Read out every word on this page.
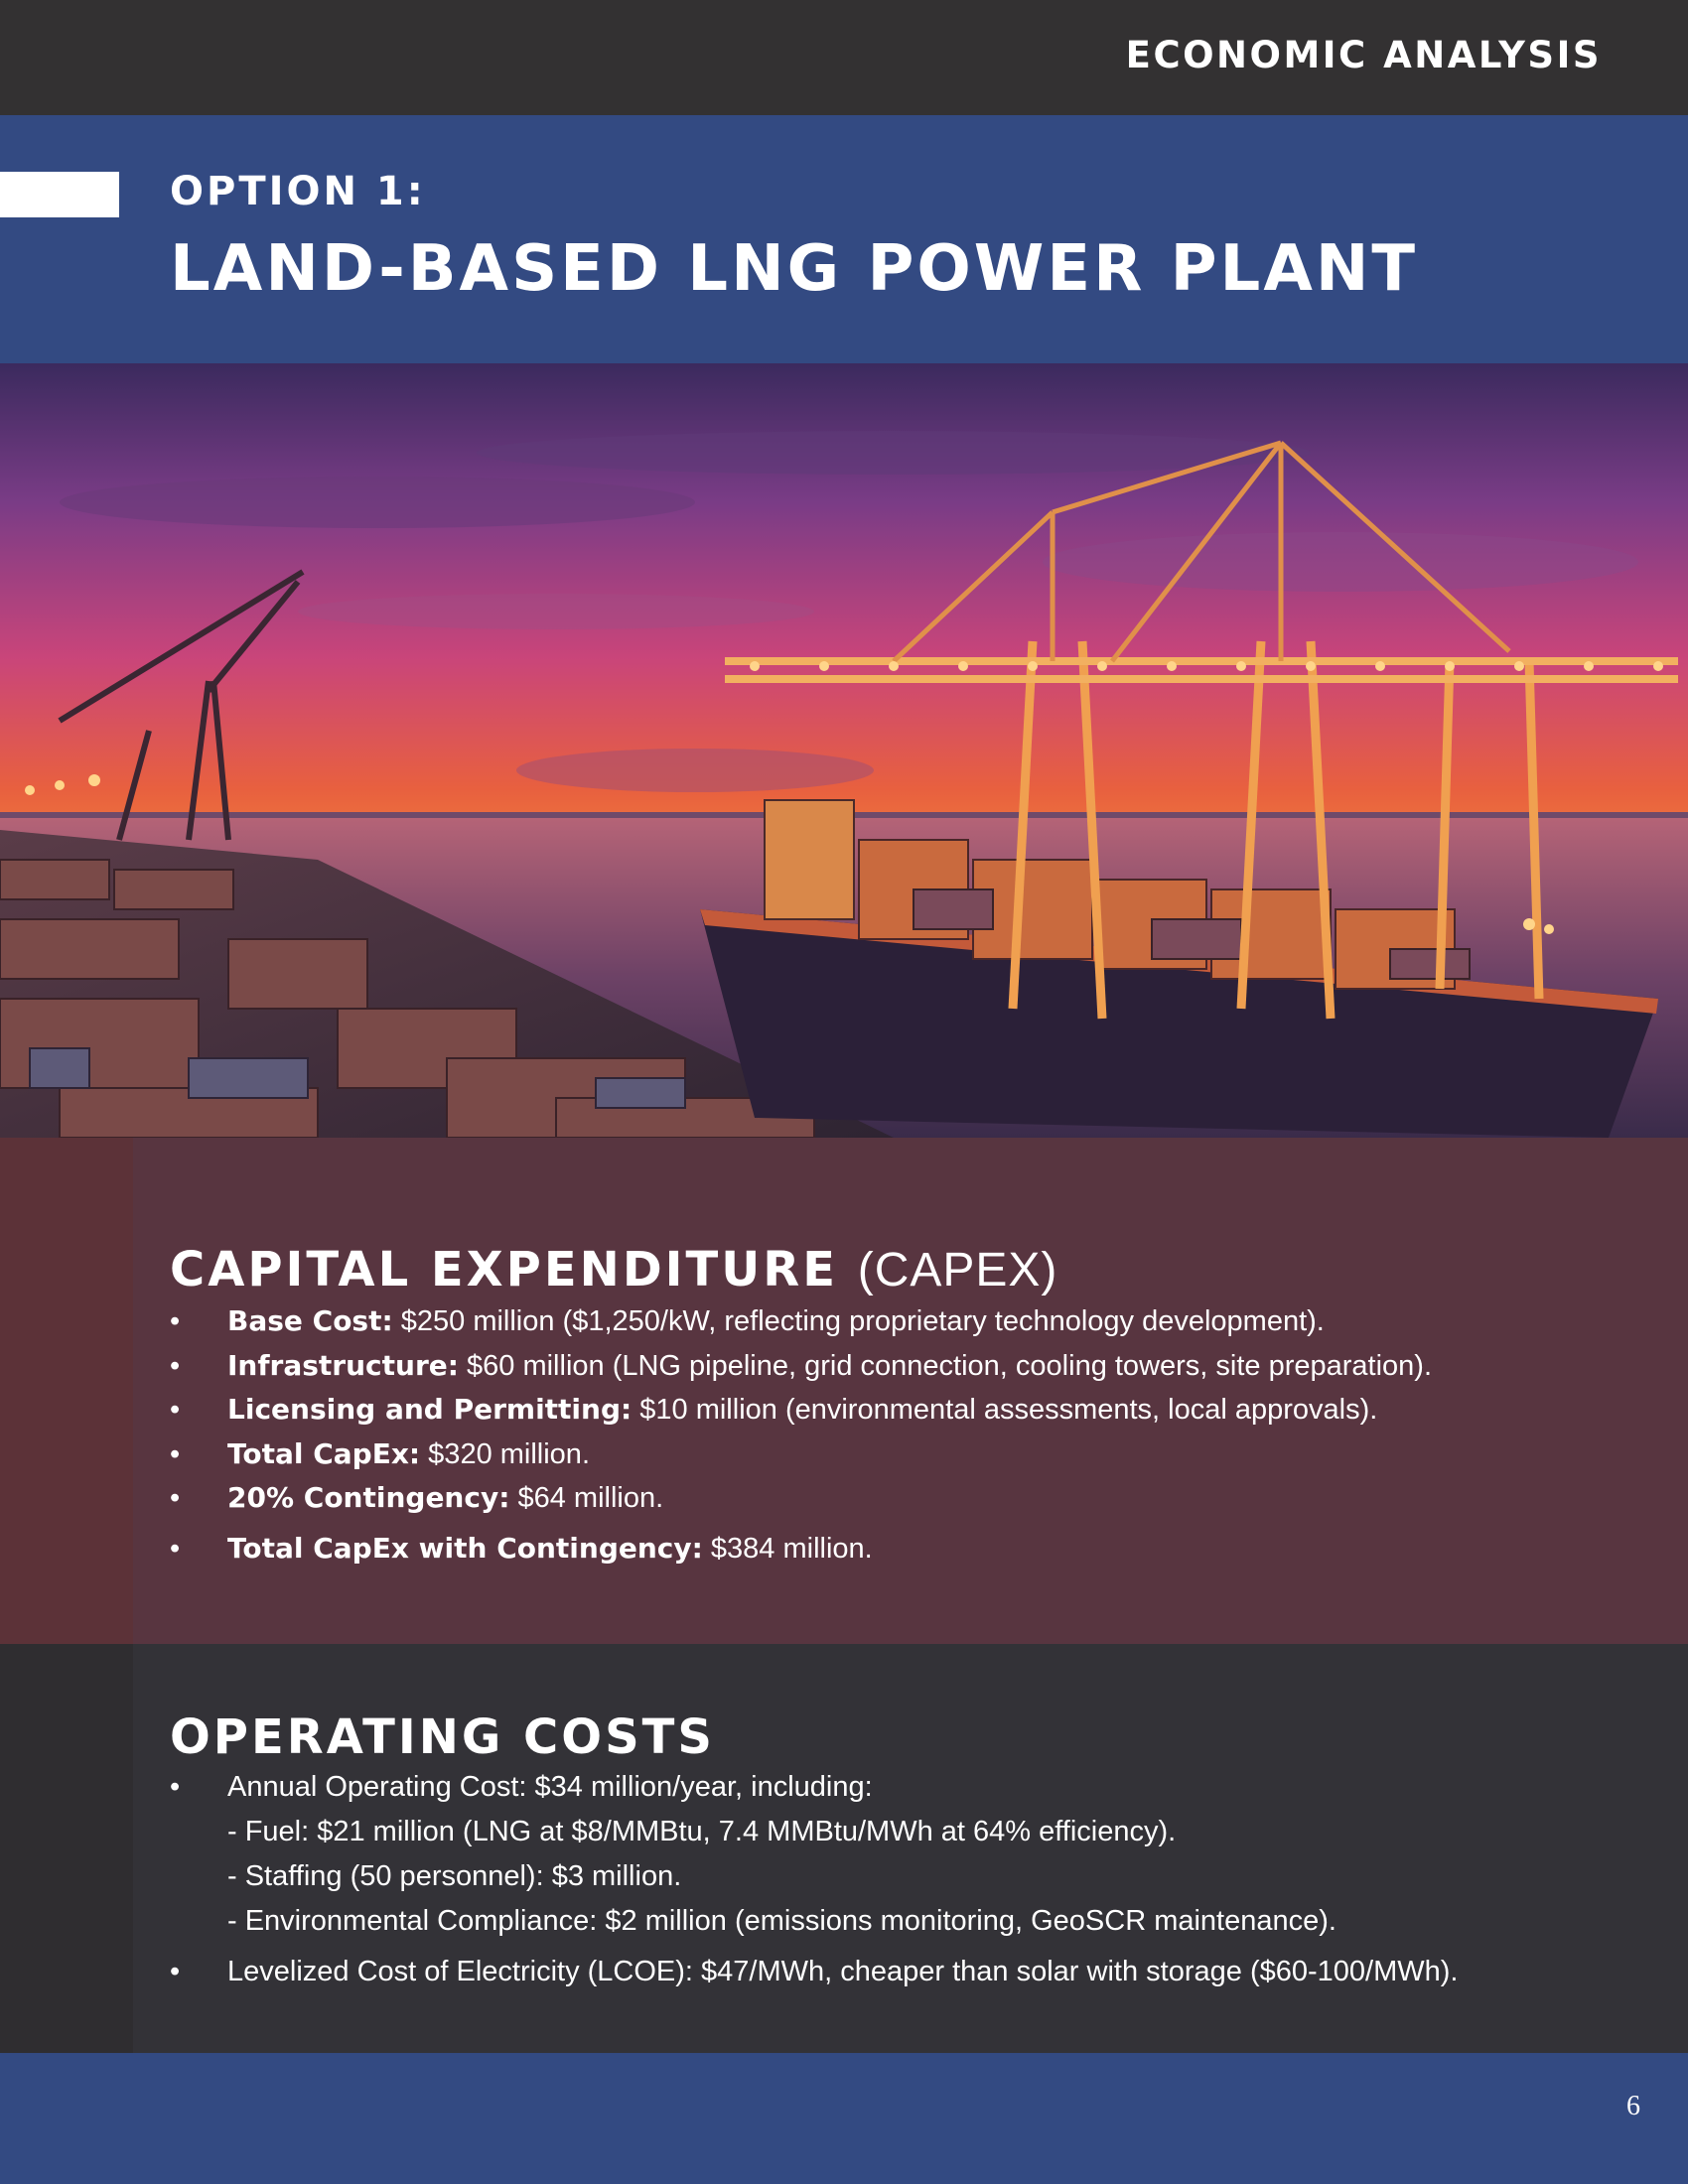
ECONOMIC ANALYSIS
OPTION 1:
LAND-BASED LNG POWER PLANT
CAPITAL EXPENDITURE (CAPEX)
• Base Cost: $250 million ($1,250/kW, reflecting proprietary technology development).
• Infrastructure: $60 million (LNG pipeline, grid connection, cooling towers, site preparation).
• Licensing and Permitting: $10 million (environmental assessments, local approvals).
• Total CapEx: $320 million.
• 20% Contingency: $64 million.
• Total CapEx with Contingency: $384 million.
OPERATING COSTS
• Annual Operating Cost: $34 million/year, including:
- Fuel: $21 million (LNG at $8/MMBtu, 7.4 MMBtu/MWh at 64% efficiency).
- Staffing (50 personnel): $3 million.
- Environmental Compliance: $2 million (emissions monitoring, GeoSCR maintenance).
• Levelized Cost of Electricity (LCOE): $47/MWh, cheaper than solar with storage ($60-100/MWh).
6
